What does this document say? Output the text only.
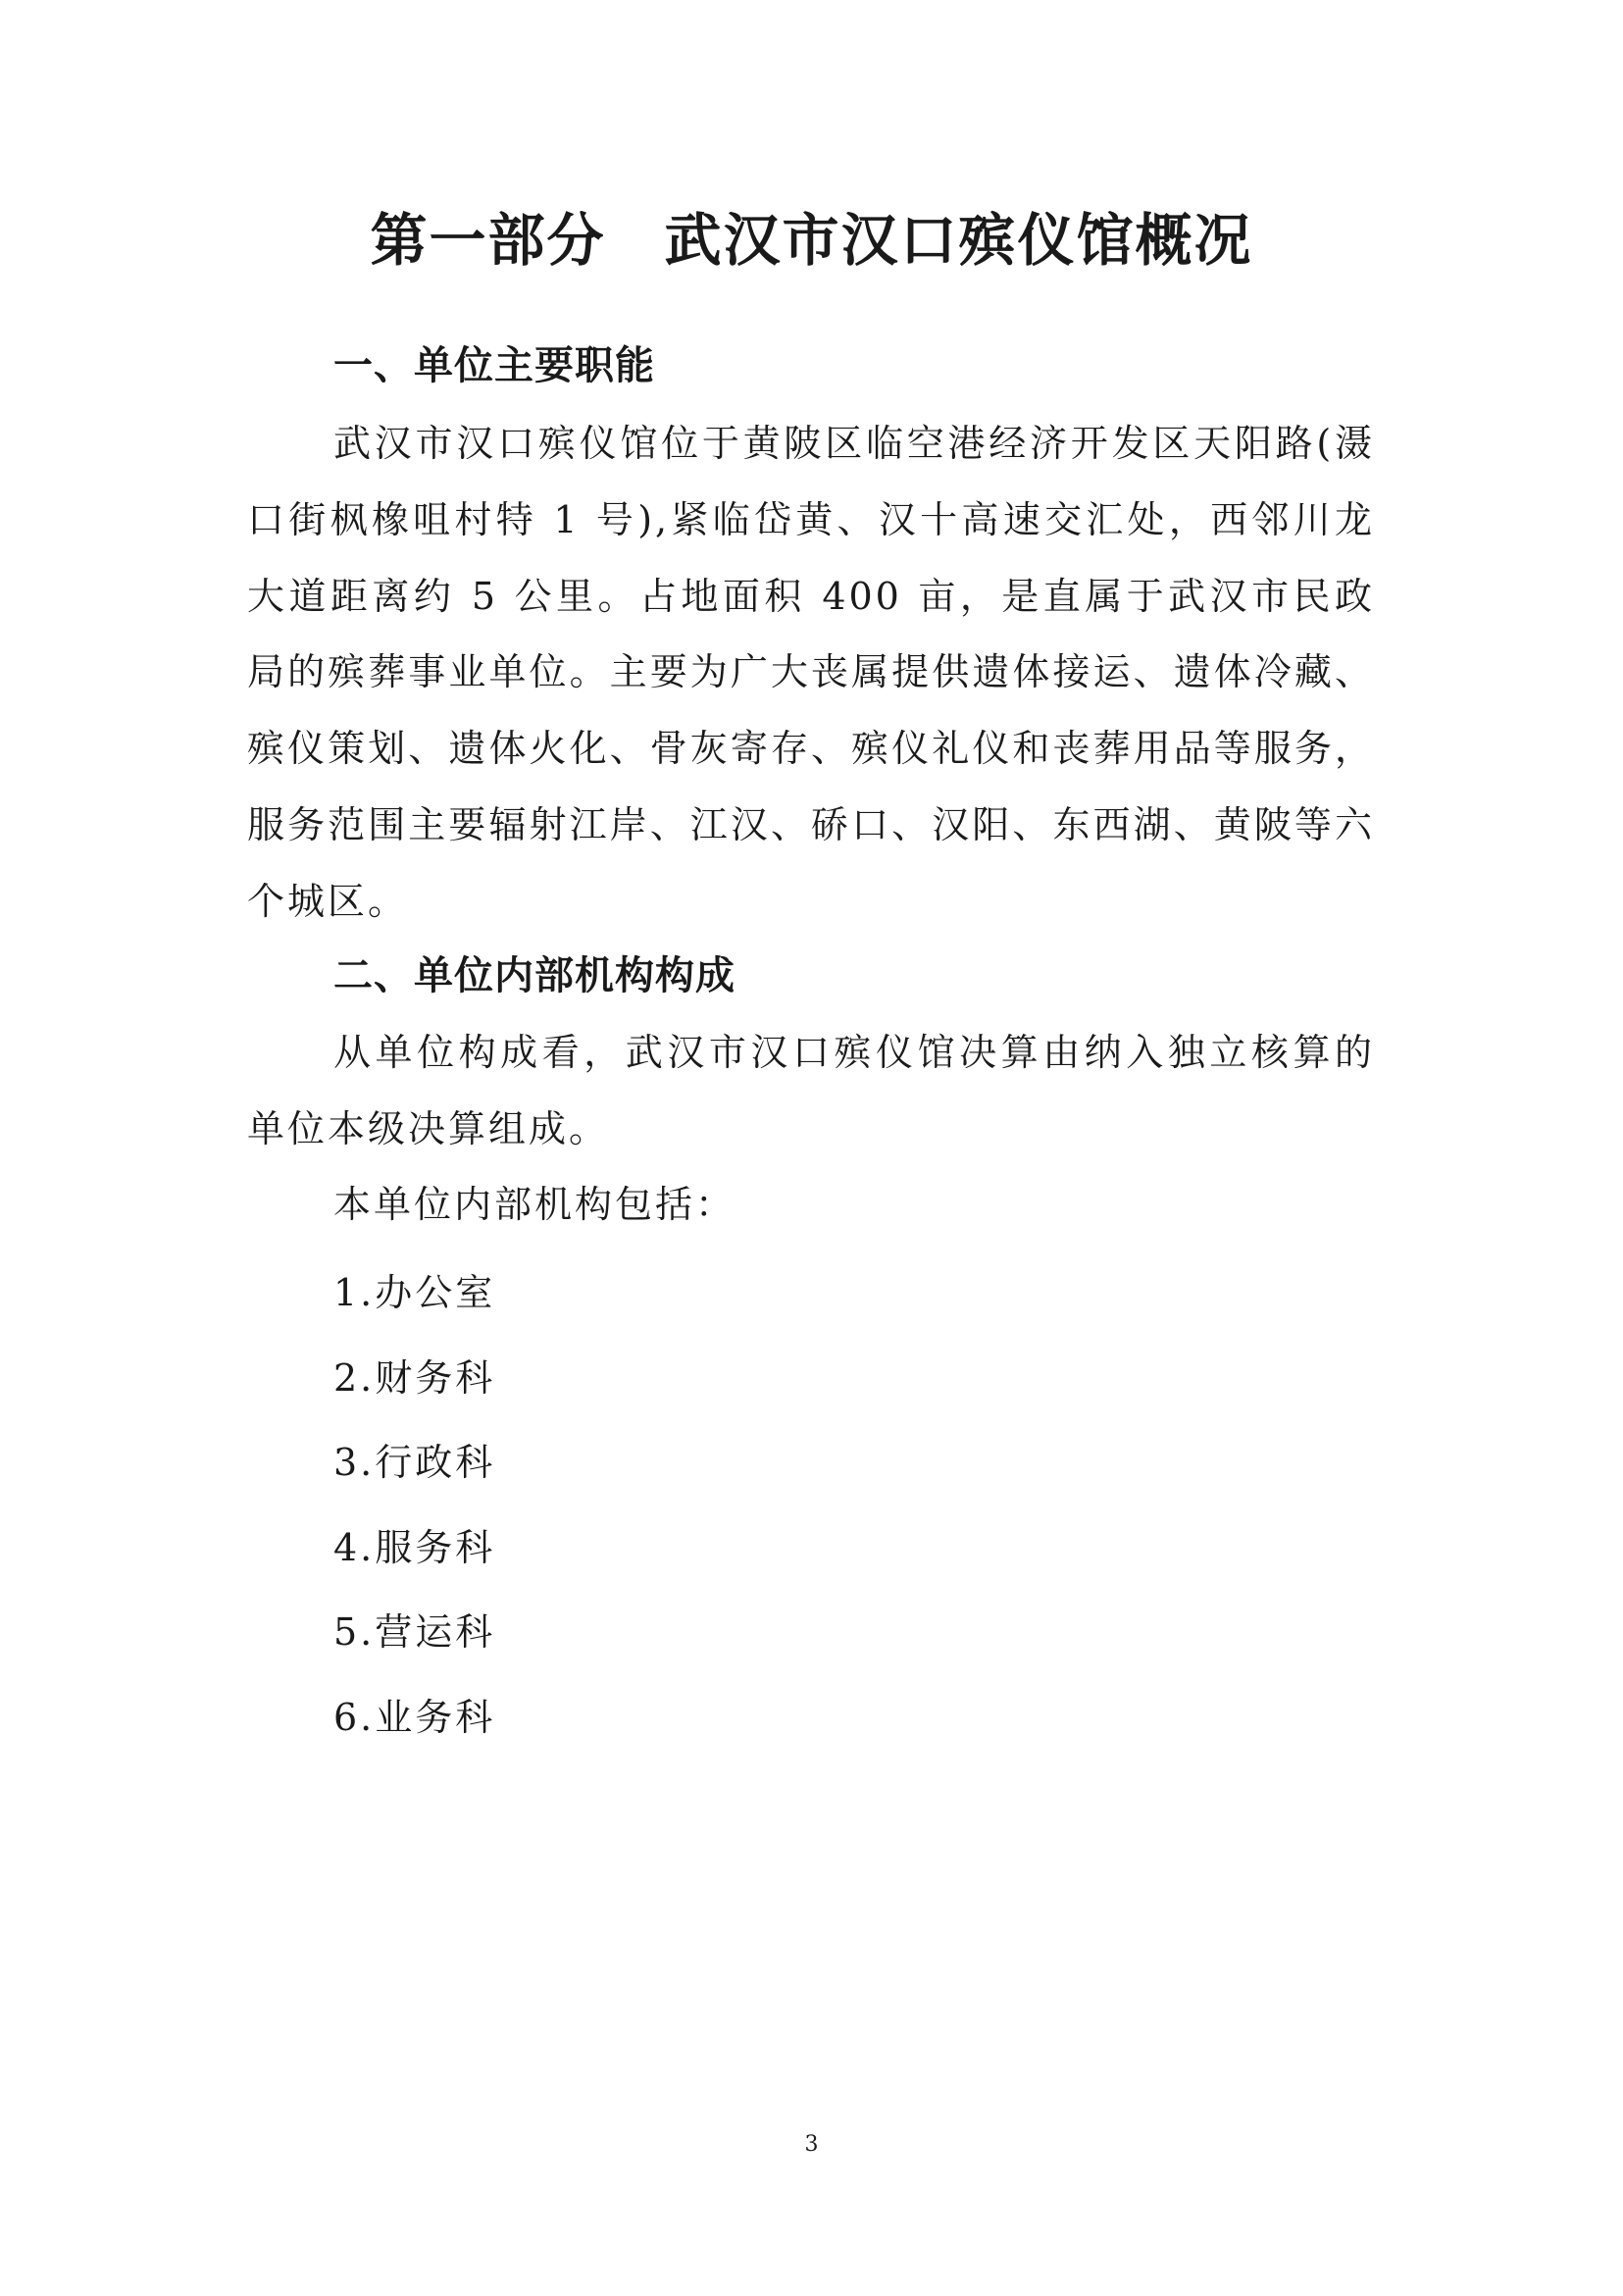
第一部分　武汉市汉口殡仪馆概况
一、单位主要职能

武汉市汉口殡仪馆位于黄陂区临空港经济开发区天阳路(滠口街枫橡咀村特 1 号),紧临岱黄、汉十高速交汇处，西邻川龙大道距离约 5 公里。占地面积 400 亩，是直属于武汉市民政局的殡葬事业单位。主要为广大丧属提供遗体接运、遗体冷藏、殡仪策划、遗体火化、骨灰寄存、殡仪礼仪和丧葬用品等服务，服务范围主要辐射江岸、江汉、硚口、汉阳、东西湖、黄陂等六个城区。

二、单位内部机构构成

从单位构成看，武汉市汉口殡仪馆决算由纳入独立核算的单位本级决算组成。

本单位内部机构包括：

1.办公室
2.财务科
3.行政科
4.服务科
5.营运科
6.业务科
3
